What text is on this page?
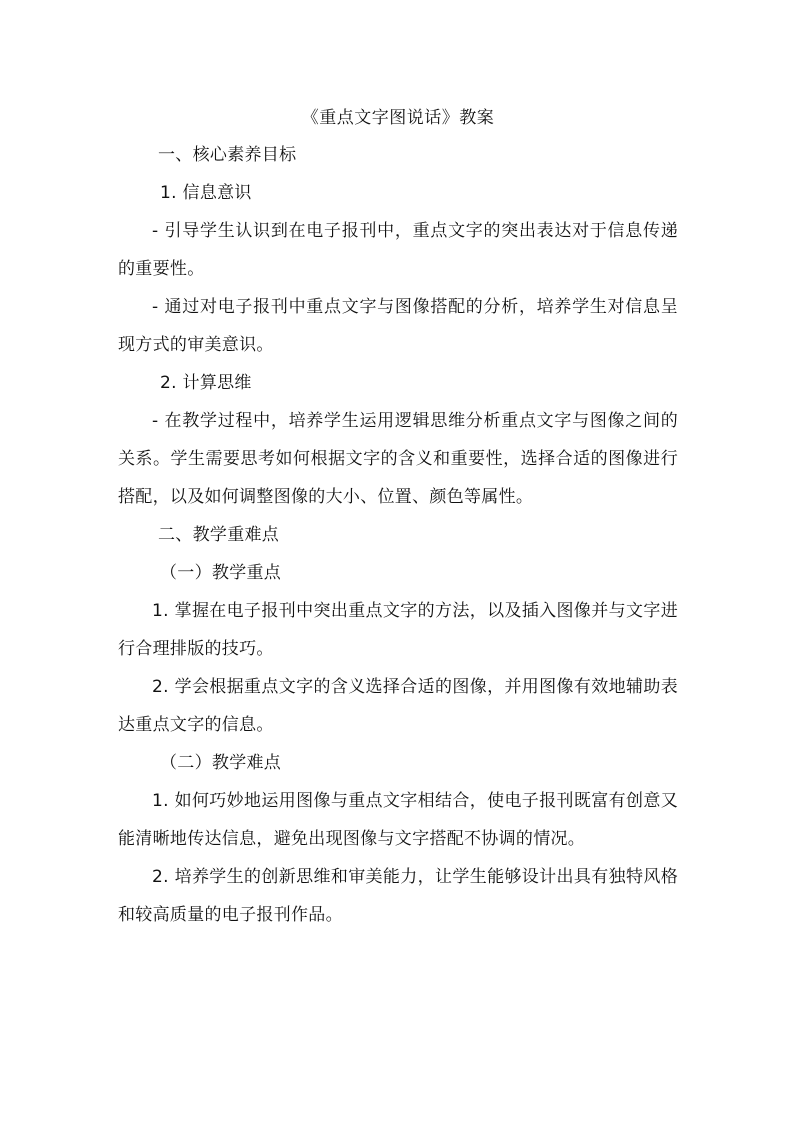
《重点文字图说话》教案

一、核心素养目标

1. 信息意识

- 引导学生认识到在电子报刊中，重点文字的突出表达对于信息传递的重要性。

- 通过对电子报刊中重点文字与图像搭配的分析，培养学生对信息呈现方式的审美意识。

2. 计算思维

- 在教学过程中，培养学生运用逻辑思维分析重点文字与图像之间的关系。学生需要思考如何根据文字的含义和重要性，选择合适的图像进行搭配，以及如何调整图像的大小、位置、颜色等属性。

二、教学重难点

（一）教学重点

1. 掌握在电子报刊中突出重点文字的方法，以及插入图像并与文字进行合理排版的技巧。

2. 学会根据重点文字的含义选择合适的图像，并用图像有效地辅助表达重点文字的信息。

（二）教学难点

1. 如何巧妙地运用图像与重点文字相结合，使电子报刊既富有创意又能清晰地传达信息，避免出现图像与文字搭配不协调的情况。

2. 培养学生的创新思维和审美能力，让学生能够设计出具有独特风格和较高质量的电子报刊作品。
